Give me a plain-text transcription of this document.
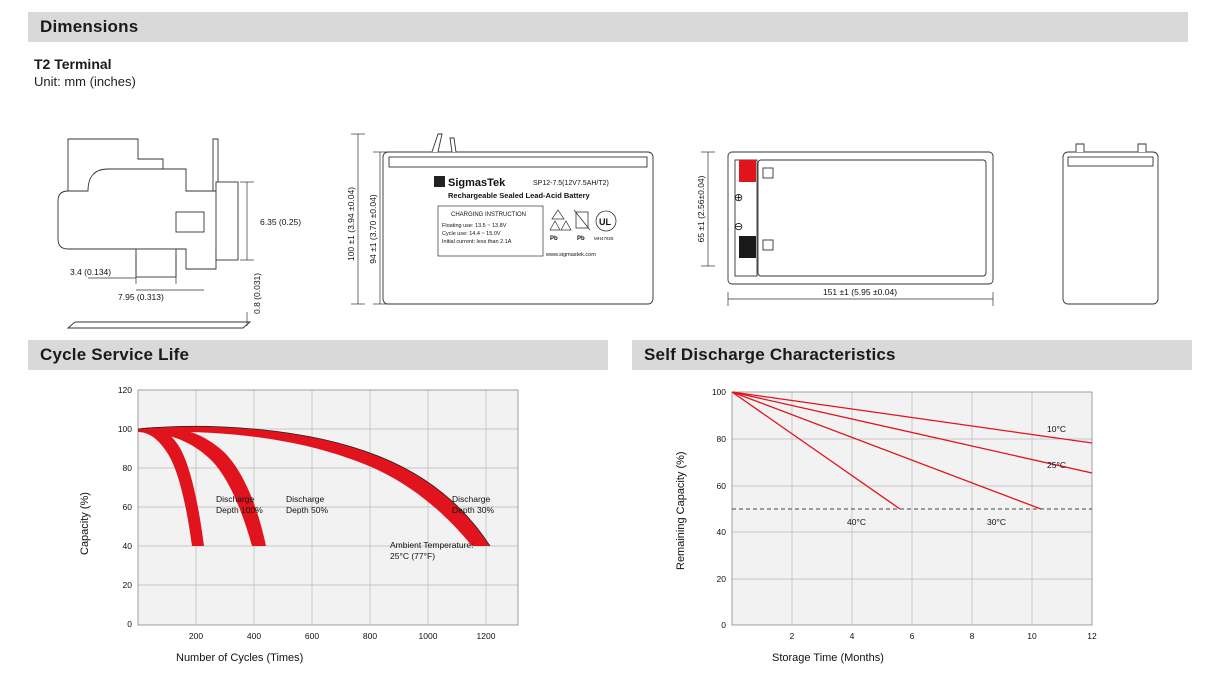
Dimensions
T2 Terminal
Unit: mm (inches)
6.35 (0.25)
3.4 (0.134)
7.95 (0.313)	0.8 (0.031)
SigmasTek	SP12-7.5(12V7.5AH/T2)
Rechargeable Sealed Lead-Acid Battery
CHARGING INSTRUCTION
Floating use: 13.5 ~ 13.8V
Cycle use: 14.4 ~ 15.0V
Initial current: less than 2.1A
www.sigmastek.com
Pb	Pb
UL
MH47925
100 ±1 (3.94 ±0.04) 94 ±1 (3.70 ±0.04)	⊕
⊖
65 ±1 (2.56±0.04)
151 ±1 (5.95 ±0.04)
Cycle Service Life
Discharge
Depth 100%
Discharge
Depth 50%
Discharge
Depth 30%
Ambient Temperature:
25°C (77°F)
120
100
80
60
40
20
0
200	400	600	800	1000	1200
Capacity (%)
Number of Cycles (Times)
Self Discharge Characteristics
10°C
25°C
30°C
40°C
100
80
60
40
20
0
2	4	6	8	10	12
Remaining Capacity (%)
Storage Time (Months)
